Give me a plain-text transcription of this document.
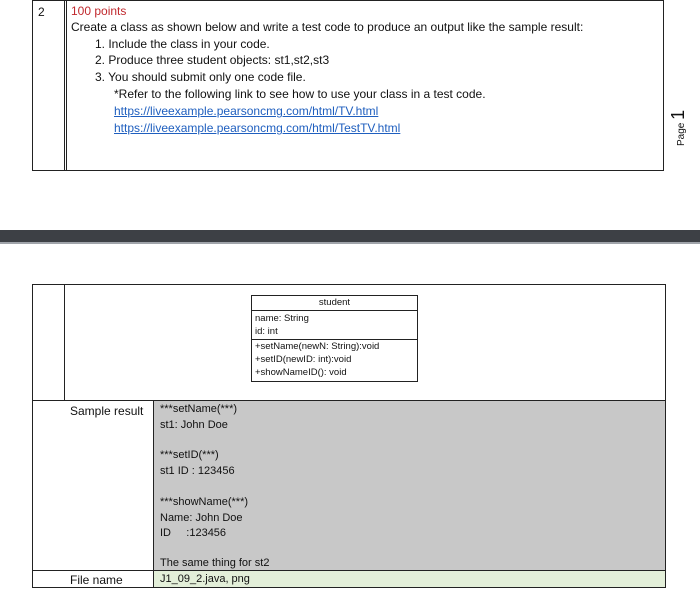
2 100 points
Create a class as shown below and write a test code to produce an output like the sample result:
1. Include the class in your code.
2. Produce three student objects: st1,st2,st3
3. You should submit only one code file.
*Refer to the following link to see how to use your class in a test code.
https://liveexample.pearsoncmg.com/html/TV.html
https://liveexample.pearsoncmg.com/html/TestTV.html	Page 1
student
name: String
id: int
+setName(newN: String):void
+setID(newID: int):void
+showNameID(): void
Sample result ***setName(***)
st1: John Doe
***setID(***)
st1 ID : 123456
***showName(***)
Name: John Doe
ID     :123456
The same thing for st2
File name	J1_09_2.java, png
